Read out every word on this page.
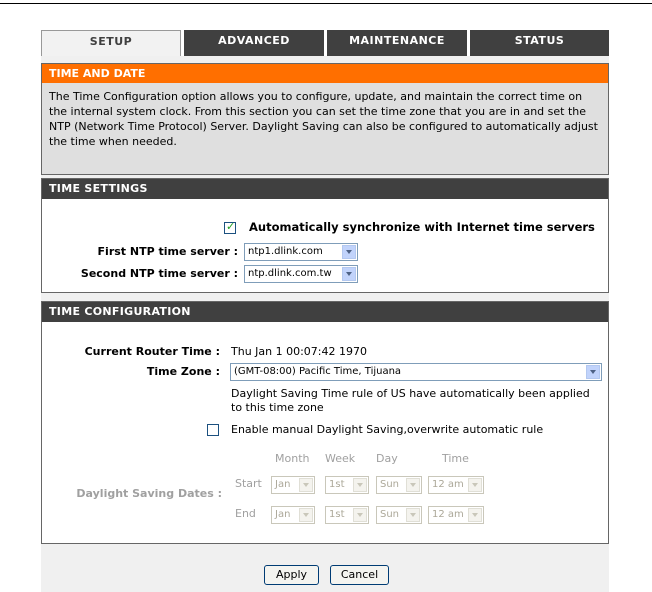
SETUP	ADVANCED	MAINTENANCE	STATUS
TIME AND DATE
The Time Configuration option allows you to configure, update, and maintain the correct time on the internal system clock. From this section you can set the time zone that you are in and set the NTP (Network Time Protocol) Server. Daylight Saving can also be configured to automatically adjust the time when needed.
TIME SETTINGS
✓
Automatically synchronize with Internet time servers
First NTP time server :	ntp1.dlink.com
Second NTP time server :	ntp.dlink.com.tw
TIME CONFIGURATION
Current Router Time : Thu Jan 1 00:07:42 1970
Time Zone :	(GMT-08:00) Pacific Time, Tijuana
Daylight Saving Time rule of US have automatically been applied to this time zone
Enable manual Daylight Saving,overwrite automatic rule
Month Week Day	Time
Daylight Saving Dates :
Start	Jan	1st	Sun	12 am
End	Jan	1st	Sun	12 am
Apply	Cancel
